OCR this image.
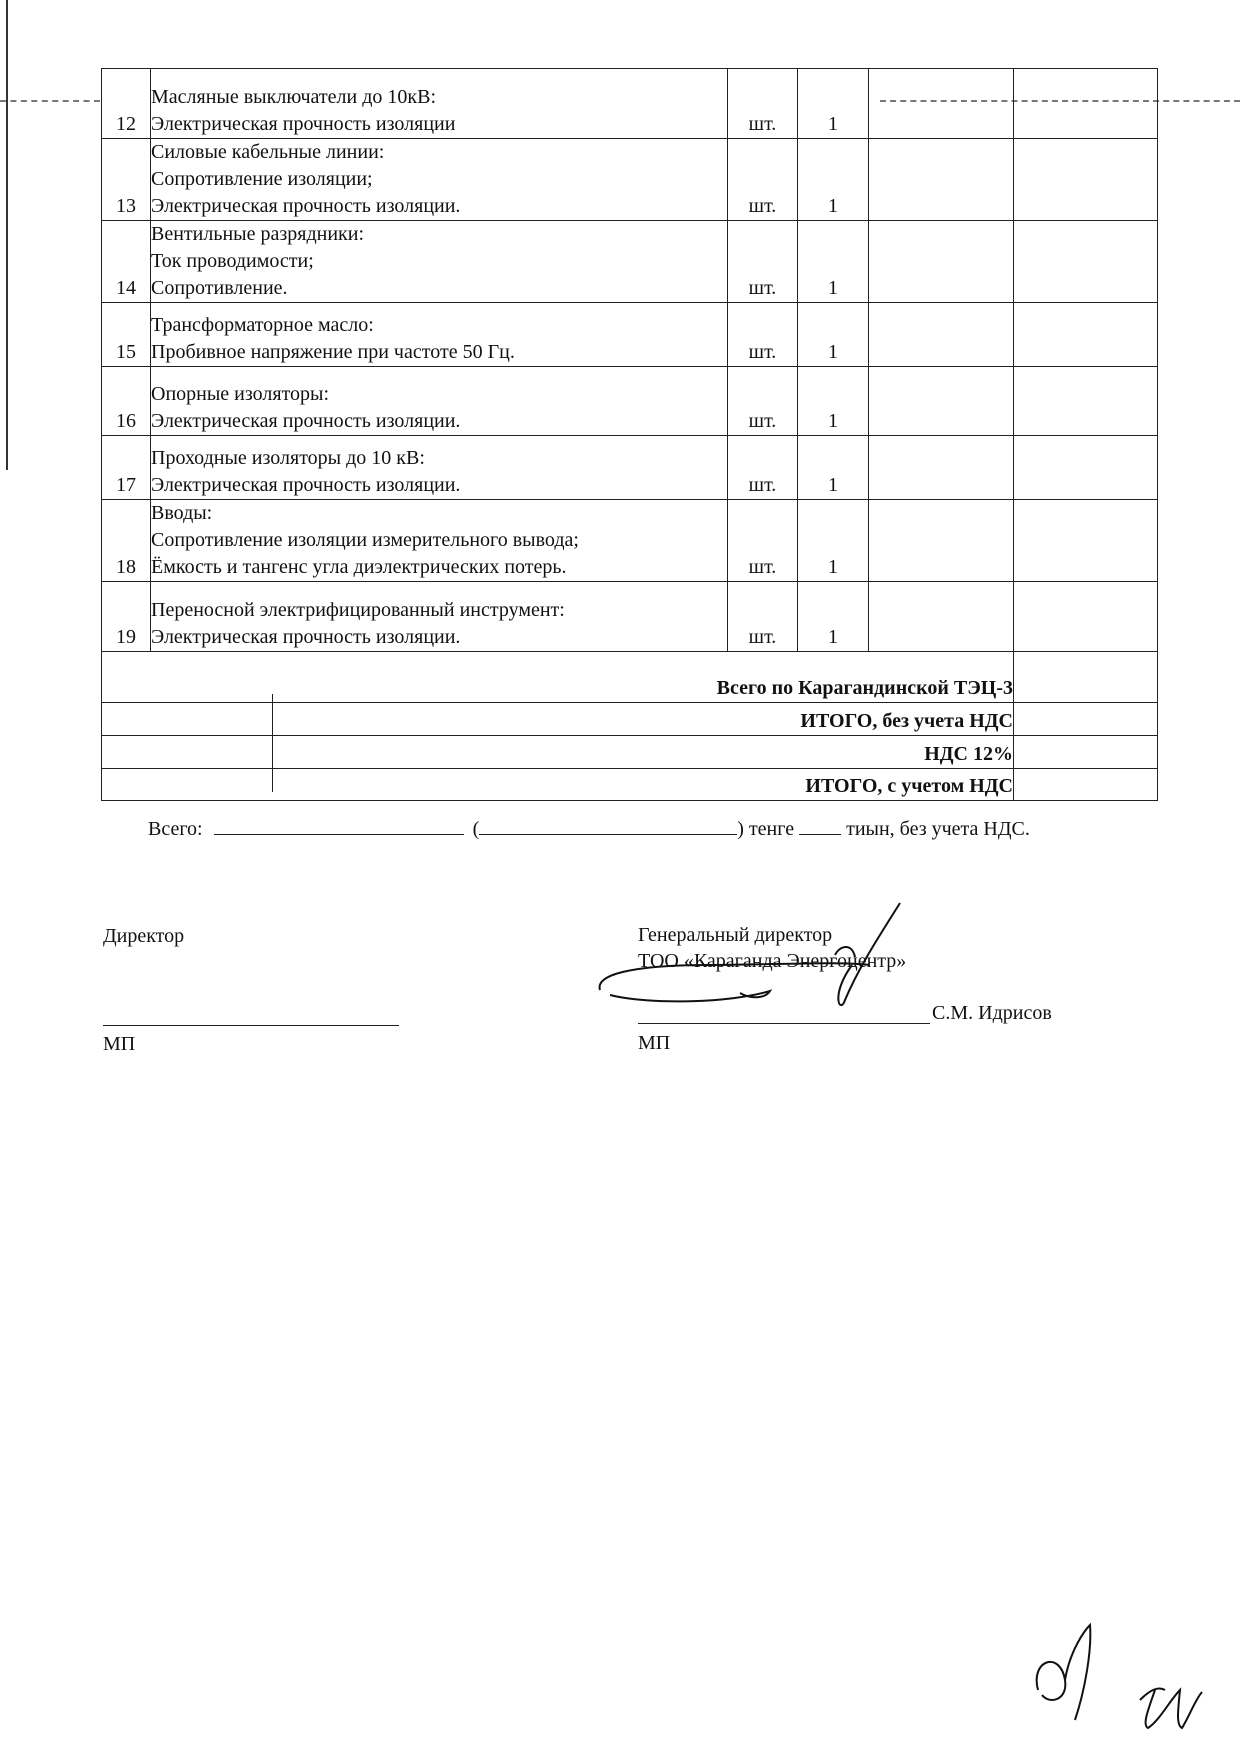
12	Масляные выключатели до 10кВ:
Электрическая прочность изоляции	шт.	1		
13	Силовые кабельные линии:
Сопротивление изоляции;
Электрическая прочность изоляции.	шт.	1		
14	Вентильные разрядники:
Ток проводимости;
Сопротивление.	шт.	1		
15	Трансформаторное масло:
Пробивное напряжение при частоте 50 Гц.	шт.	1		
16	Опорные изоляторы:
Электрическая прочность изоляции.	шт.	1		
17	Проходные изоляторы до 10 кВ:
Электрическая прочность изоляции.	шт.	1		
18	Вводы:
Сопротивление изоляции измерительного вывода;
Ёмкость и тангенс угла диэлектрических потерь.	шт.	1		
19	Переносной электрифицированный инструмент:
Электрическая прочность изоляции.	шт.	1		
Всего по Карагандинской ТЭЦ-3					
ИТОГО, без учета НДС					
НДС 12%					
ИТОГО, с учетом НДС					
Всего:	(	) тенге	тиын, без учета НДС.
Директор
МП
Генеральный директор
ТОО «Караганда Энергоцентр»
С.М. Идрисов
МП
